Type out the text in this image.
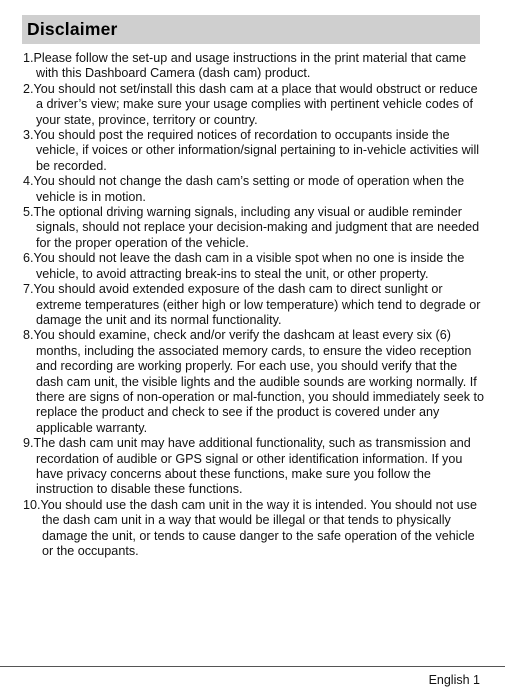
Disclaimer

1.Please follow the set-up and usage instructions in the print material that came with this Dashboard Camera (dash cam) product.

2.You should not set/install this dash cam at a place that would obstruct or reduce a driver’s view; make sure your usage complies with pertinent vehicle codes of your state, province, territory or country.

3.You should post the required notices of recordation to occupants inside the vehicle, if voices or other information/signal pertaining to in-vehicle activities will be recorded.

4.You should not change the dash cam’s setting or mode of operation when the vehicle is in motion.

5.The optional driving warning signals, including any visual or audible reminder signals, should not replace your decision-making and judgment that are needed for the proper operation of the vehicle.

6.You should not leave the dash cam in a visible spot when no one is inside the vehicle, to avoid attracting break-ins to steal the unit, or other property.

7.You should avoid extended exposure of the dash cam to direct sunlight or extreme temperatures (either high or low temperature) which tend to degrade or damage the unit and its normal functionality.

8.You should examine, check and/or verify the dashcam at least every six (6) months, including the associated memory cards, to ensure the video reception and recording are working properly. For each use, you should verify that the dash cam unit, the visible lights and the audible sounds are working normally. If there are signs of non-operation or mal-function, you should immediately seek to replace the product and check to see if the product is covered under any applicable warranty.

9.The dash cam unit may have additional functionality, such as transmission and recordation of audible or GPS signal or other identification information. If you have privacy concerns about these functions, make sure you follow the instruction to disable these functions.

10.You should use the dash cam unit in the way it is intended. You should not use the dash cam unit in a way that would be illegal or that tends to physically damage the unit, or tends to cause danger to the safe operation of the vehicle or the occupants.

English 1
